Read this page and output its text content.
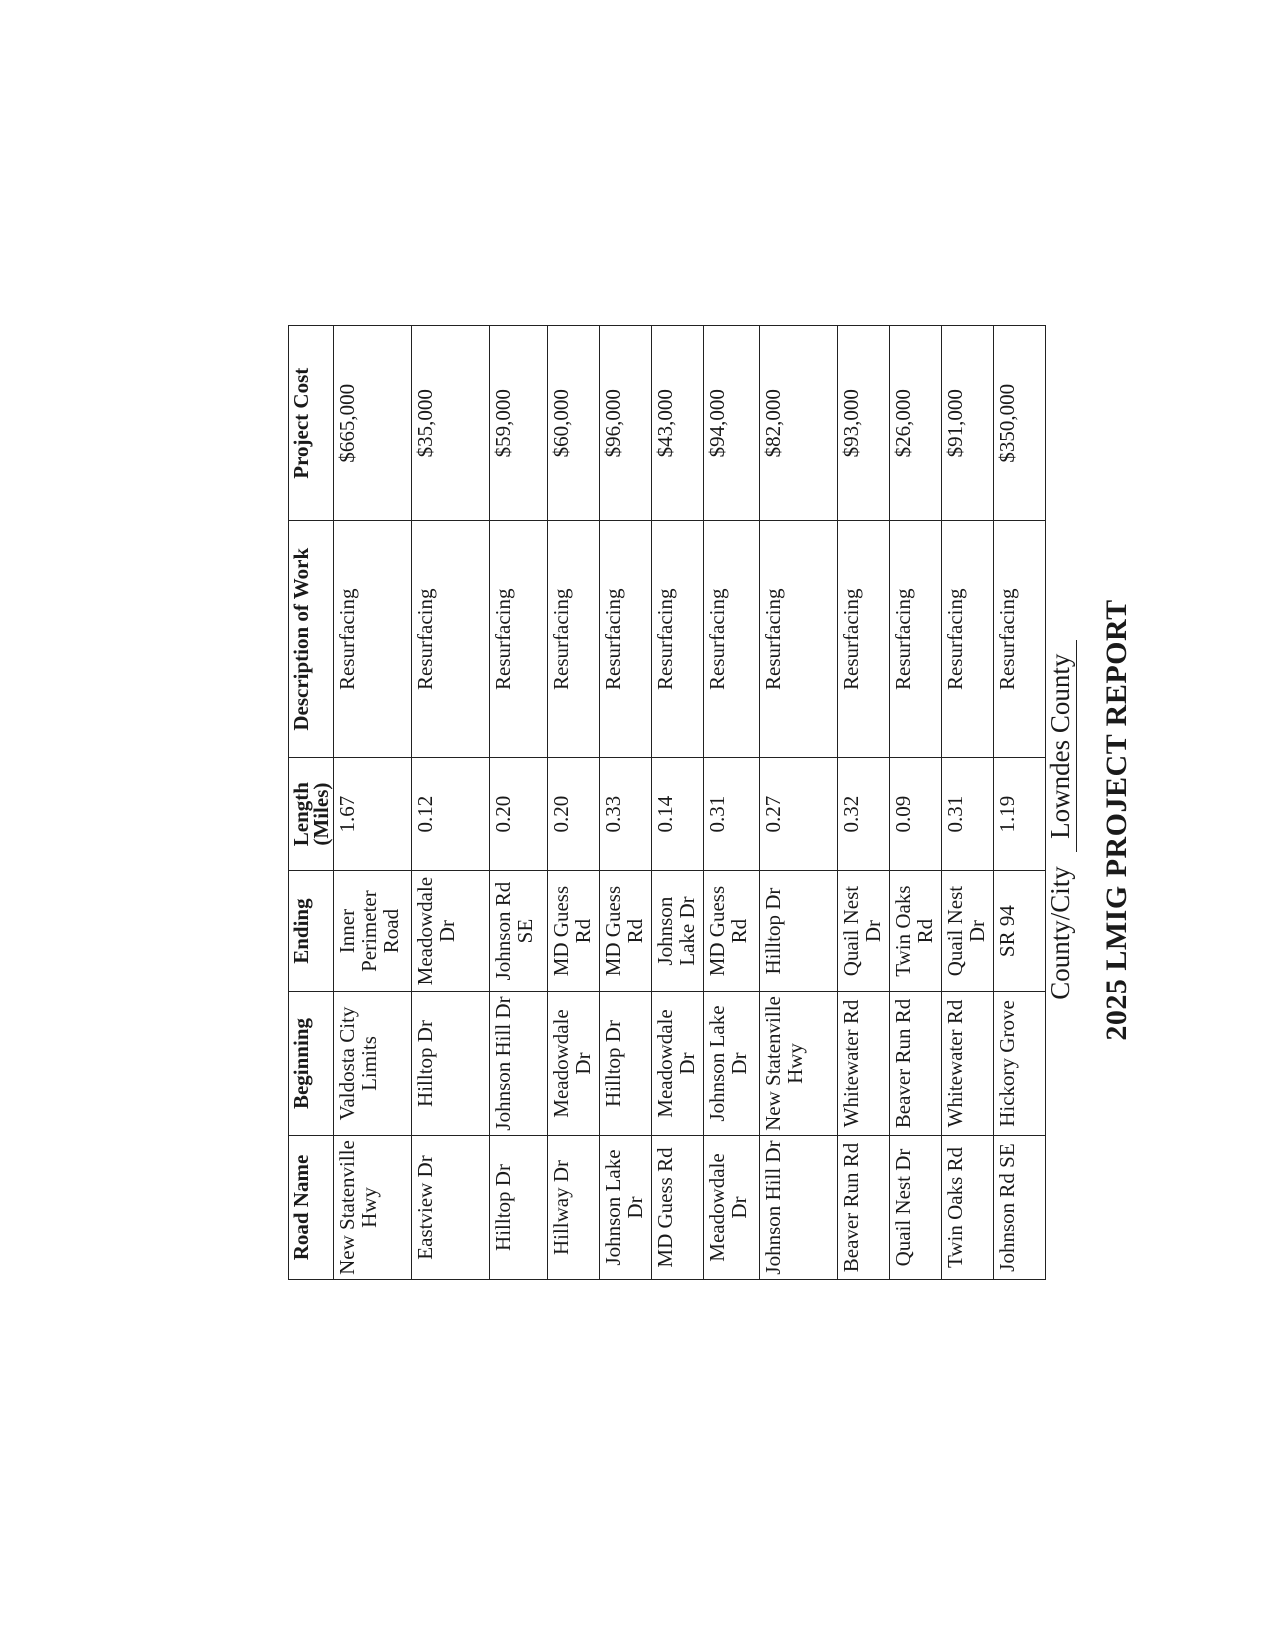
2025 LMIG PROJECT REPORT
County/CityLowndes County
Road Name	Beginning	Ending	Length (Miles)	Description of Work	Project Cost
New Statenville Hwy	Valdosta City Limits	Inner Perimeter Road	1.67	Resurfacing	$665,000
Eastview Dr	Hilltop Dr	Meadowdale Dr	0.12	Resurfacing	$35,000
Hilltop Dr	Johnson Hill Dr	Johnson Rd SE	0.20	Resurfacing	$59,000
Hillway Dr	Meadowdale Dr	MD Guess Rd	0.20	Resurfacing	$60,000
Johnson Lake Dr	Hilltop Dr	MD Guess Rd	0.33	Resurfacing	$96,000
MD Guess Rd	Meadowdale Dr	Johnson Lake Dr	0.14	Resurfacing	$43,000
Meadowdale Dr	Johnson Lake Dr	MD Guess Rd	0.31	Resurfacing	$94,000
Johnson Hill Dr	New Statenville Hwy	Hilltop Dr	0.27	Resurfacing	$82,000
Beaver Run Rd	Whitewater Rd	Quail Nest Dr	0.32	Resurfacing	$93,000
Quail Nest Dr	Beaver Run Rd	Twin Oaks Rd	0.09	Resurfacing	$26,000
Twin Oaks Rd	Whitewater Rd	Quail Nest Dr	0.31	Resurfacing	$91,000
Johnson Rd SE	Hickory Grove	SR 94	1.19	Resurfacing	$350,000
